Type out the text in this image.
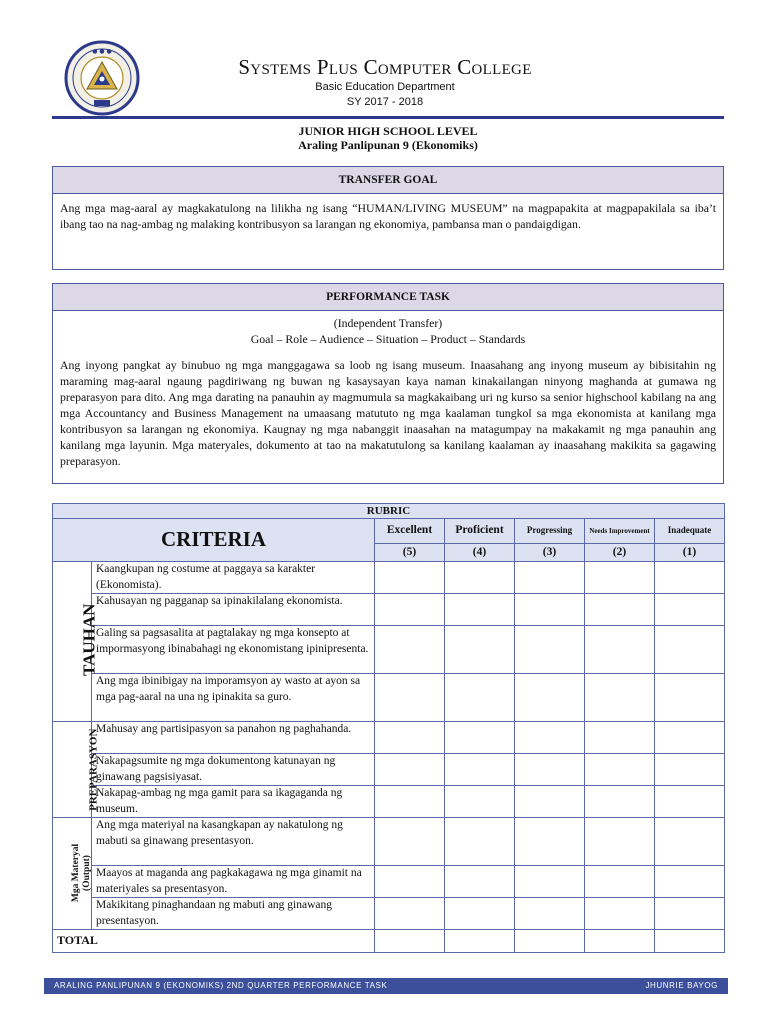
● ● ●
Systems Plus Computer College
Basic Education Department
SY 2017 - 2018
JUNIOR HIGH SCHOOL LEVEL
Araling Panlipunan 9 (Ekonomiks)
TRANSFER GOAL
Ang mga mag-aaral ay magkakatulong na lilikha ng isang “HUMAN/LIVING MUSEUM” na magpapakita at magpapakilala sa iba’t ibang tao na nag-ambag ng malaking kontribusyon sa larangan ng ekonomiya, pambansa man o pandaigdigan.
PERFORMANCE TASK
(Independent Transfer)
Goal – Role – Audience – Situation – Product – Standards
Ang inyong pangkat ay binubuo ng mga manggagawa sa loob ng isang museum. Inaasahang ang inyong museum ay bibisitahin ng maraming mag-aaral ngaung pagdiriwang ng buwan ng kasaysayan kaya naman kinakailangan ninyong maghanda at gumawa ng preparasyon para dito. Ang mga darating na panauhin ay magmumula sa magkakaibang uri ng kurso sa senior highschool kabilang na ang mga Accountancy and Business Management na umaasang matututo ng mga kaalaman tungkol sa mga ekonomista at kanilang mga kontribusyon sa larangan ng ekonomiya. Kaugnay ng mga nabanggit inaasahan na matagumpay na makakamit ng mga panauhin ang kanilang mga layunin. Mga materyales, dokumento at tao na makatutulong sa kanilang kaalaman ay inaasahang makikita sa gagawing preparasyon.
RUBRIC						
CRITERIA		Excellent	Proficient	Progressing	Needs Improvement	Inadequate
		(5)	(4)	(3)	(2)	(1)
TAUHAN	Kaangkupan ng costume at paggaya sa karakter (Ekonomista).					
	Kahusayan ng pagganap sa ipinakilalang ekonomista.					
	Galing sa pagsasalita at pagtalakay ng mga konsepto at impormasyong ibinabahagi ng ekonomistang ipinipresenta.					
	Ang mga ibinibigay na imporamsyon ay wasto at ayon sa mga pag-aaral na una ng ipinakita sa guro.					
PREPARASYON	Mahusay ang partisipasyon sa panahon ng paghahanda.					
	Nakapagsumite ng mga dokumentong katunayan ng ginawang pagsisiyasat.					
	Nakapag-ambag ng mga gamit para sa ikagaganda ng museum.					
Mga Materyal
(Output)	Ang mga materiyal na kasangkapan ay nakatulong ng mabuti sa ginawang presentasyon.					
	Maayos at maganda ang pagkakagawa ng mga ginamit na materiyales sa presentasyon.					
	Makikitang pinaghandaan ng mabuti ang ginawang presentasyon.					
TOTAL						
ARALING PANLIPUNAN 9 (EKONOMIKS) 2ND QUARTER PERFORMANCE TASK	JHUNRIE BAYOG
